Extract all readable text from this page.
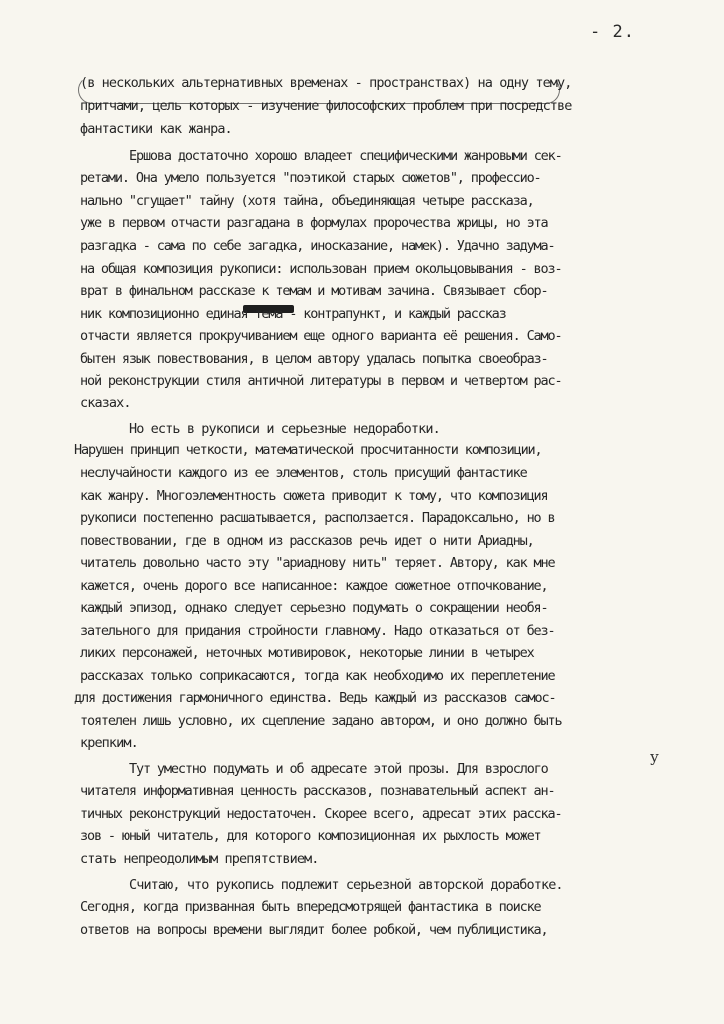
- 2.
у
(в нескольких альтернативных временах - пространствах) на одну тему,
притчами, цель которых - изучение философских проблем при посредстве
фантастики как жанра.
Ершова достаточно хорошо владеет специфическими жанровыми сек-
ретами. Она умело пользуется "поэтикой старых сюжетов", профессио-
нально "сгущает" тайну (хотя тайна, объединяющая четыре рассказа,
уже в первом отчасти разгадана в формулах пророчества жрицы, но эта
разгадка - сама по себе загадка, иносказание, намек). Удачно задума-
на общая композиция рукописи: использован прием окольцовывания - воз-
врат в финальном рассказе к темам и мотивам зачина. Связывает сбор-
ник композиционно единая тема - контрапункт, и каждый рассказ
отчасти является прокручиванием еще одного варианта её решения. Само-
бытен язык повествования, в целом автору удалась попытка своеобраз-
ной реконструкции стиля античной литературы в первом и четвертом рас-
сказах.
Но есть в рукописи и серьезные недоработки.
Нарушен принцип четкости, математической просчитанности композиции,
неслучайности каждого из ее элементов, столь присущий фантастике
как жанру. Многоэлементность сюжета приводит к тому, что композиция
рукописи постепенно расшатывается, расползается. Парадоксально, но в
повествовании, где в одном из рассказов речь идет о нити Ариадны,
читатель довольно часто эту "ариаднову нить" теряет. Автору, как мне
кажется, очень дорого все написанное: каждое сюжетное отпочкование,
каждый эпизод, однако следует серьезно подумать о сокращении необя-
зательного для придания стройности главному. Надо отказаться от без-
ликих персонажей, неточных мотивировок, некоторые линии в четырех
рассказах только соприкасаются, тогда как необходимо их переплетение
для достижения гармоничного единства. Ведь каждый из рассказов самос-
тоятелен лишь условно, их сцепление задано автором, и оно должно быть
крепким.
Тут уместно подумать и об адресате этой прозы. Для взрослого
читателя информативная ценность рассказов, познавательный аспект ан-
тичных реконструкций недостаточен. Скорее всего, адресат этих расска-
зов - юный читатель, для которого композиционная их рыхлость может
стать непреодолимым препятствием.
Считаю, что рукопись подлежит серьезной авторской доработке.
Сегодня, когда призванная быть впередсмотрящей фантастика в поиске
ответов на вопросы времени выглядит более робкой, чем публицистика,
